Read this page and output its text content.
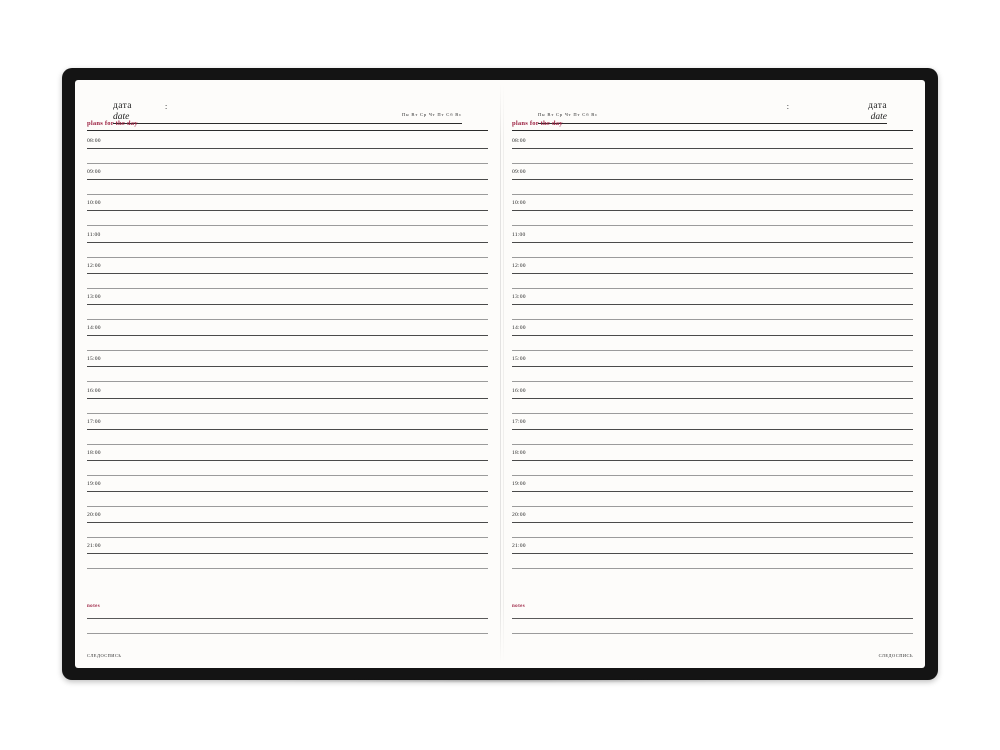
дата
date
:
Пн Вт Ср Чт Пт Сб Вс
plans for the day
08:00
09:00
10:00
11:00
12:00
13:00
14:00
15:00
16:00
17:00
18:00
19:00
20:00
21:00
notes
СЛЕДОСПИСЬ
дата
date
:
Пн Вт Ср Чт Пт Сб Вс
plans for the day
08:00
09:00
10:00
11:00
12:00
13:00
14:00
15:00
16:00
17:00
18:00
19:00
20:00
21:00
notes
СЛЕДОСПИСЬ
